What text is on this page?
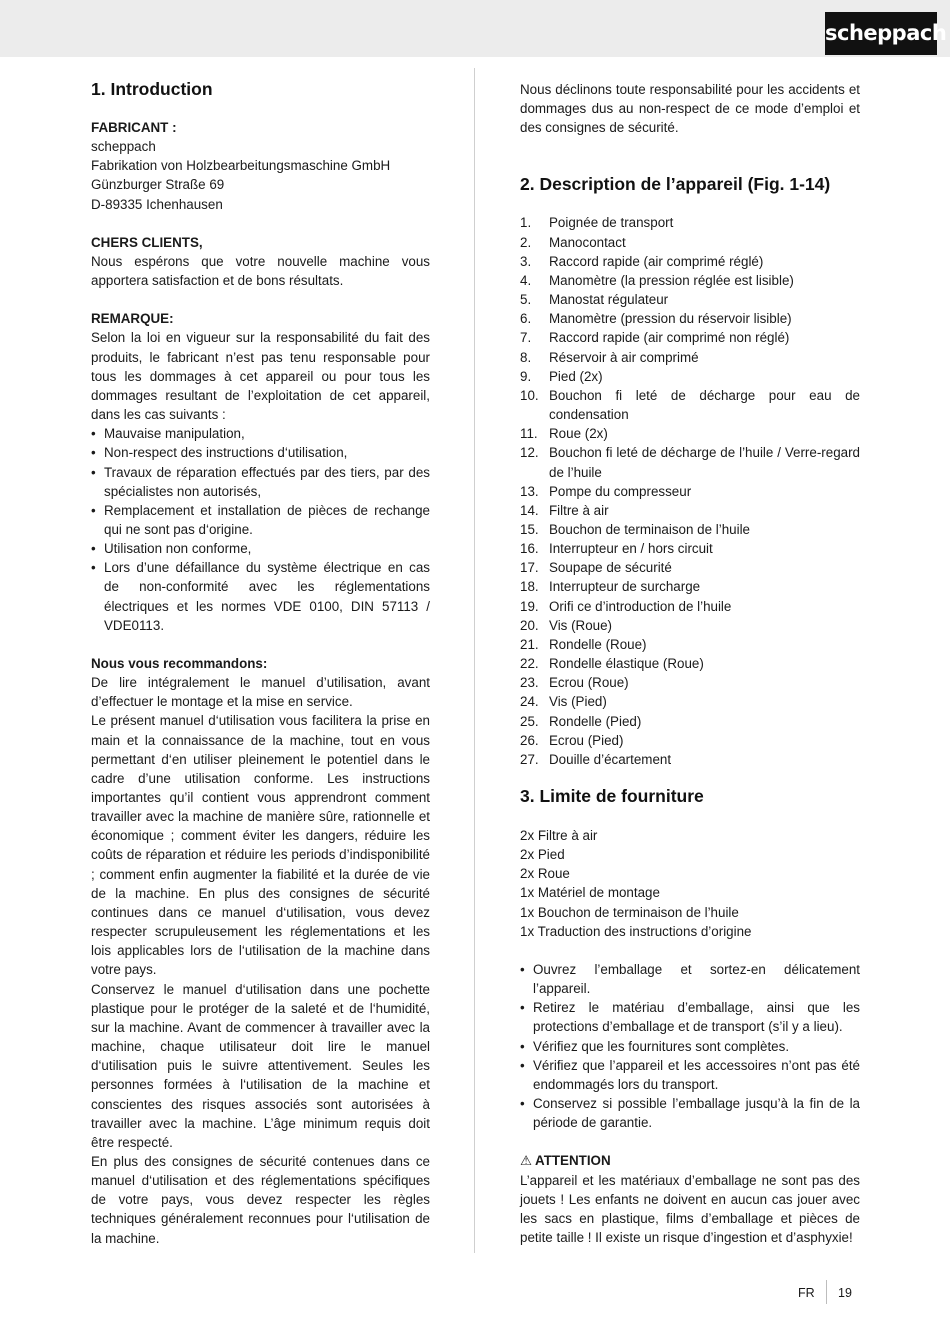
scheppach
1. Introduction

FABRICANT :

scheppach

Fabrikation von Holzbearbeitungsmaschine GmbH

Günzburger Straße 69

D-89335 Ichenhausen

CHERS CLIENTS,

Nous espérons que votre nouvelle machine vous apportera satisfaction et de bons résultats.

REMARQUE:

Selon la loi en vigueur sur la responsabilité du fait des produits, le fabricant n’est pas tenu responsable pour tous les dommages à cet appareil ou pour tous les dommages resultant de l’exploitation de cet appareil, dans les cas suivants :

• Mauvaise manipulation,
• Non-respect des instructions d‘utilisation,
• Travaux de réparation effectués par des tiers, par des spécialistes non autorisés,
• Remplacement et installation de pièces de rechange qui ne sont pas d‘origine.
• Utilisation non conforme,
• Lors d’une défaillance du système électrique en cas de non-conformité avec les réglementations électriques et les normes VDE 0100, DIN 57113 / VDE0113.

Nous vous recommandons:

De lire intégralement le manuel d’utilisation, avant d’effectuer le montage et la mise en service.

Le présent manuel d‘utilisation vous facilitera la prise en main et la connaissance de la machine, tout en vous permettant d‘en utiliser pleinement le potentiel dans le cadre d’une utilisation conforme. Les instructions importantes qu’il contient vous apprendront comment travailler avec la machine de manière sûre, rationnelle et économique ; comment éviter les dangers, réduire les coûts de réparation et réduire les periods d’indisponibilité ; comment enfin augmenter la fiabilité et la durée de vie de la machine. En plus des consignes de sécurité continues dans ce manuel d‘utilisation, vous devez respecter scrupuleusement les réglementations et les lois applicables lors de l‘utilisation de la machine dans votre pays.

Conservez le manuel d‘utilisation dans une pochette plastique pour le protéger de la saleté et de l‘humidité, sur la machine. Avant de commencer à travailler avec la machine, chaque utilisateur doit lire le manuel d‘utilisation puis le suivre attentivement. Seules les personnes formées à l‘utilisation de la machine et conscientes des risques associés sont autorisées à travailler avec la machine. L’âge minimum requis doit être respecté.

En plus des consignes de sécurité contenues dans ce manuel d‘utilisation et des réglementations spécifiques de votre pays, vous devez respecter les règles techniques généralement reconnues pour l‘utilisation de la machine.

Nous déclinons toute responsabilité pour les accidents et dommages dus au non-respect de ce mode d’emploi et des consignes de sécurité.

2. Description de l’appareil (Fig. 1-14)
1. Poignée de transport
2. Manocontact
3. Raccord rapide (air comprimé réglé)
4. Manomètre (la pression réglée est lisible)
5. Manostat régulateur
6. Manomètre (pression du réservoir lisible)
7. Raccord rapide (air comprimé non réglé)
8. Réservoir à air comprimé
9. Pied (2x)
10. Bouchon fi leté de décharge pour eau de condensation
11. Roue (2x)
12. Bouchon fi leté de décharge de l’huile / Verre-regard de l’huile
13. Pompe du compresseur
14. Filtre à air
15. Bouchon de terminaison de l’huile
16. Interrupteur en / hors circuit
17. Soupape de sécurité
18. Interrupteur de surcharge
19. Orifi ce d’introduction de l’huile
20. Vis (Roue)
21. Rondelle (Roue)
22. Rondelle élastique (Roue)
23. Ecrou (Roue)
24. Vis (Pied)
25. Rondelle (Pied)
26. Ecrou (Pied)
27. Douille d’écartement
3. Limite de fourniture

2x Filtre à air

2x Pied

2x Roue

1x Matériel de montage

1x Bouchon de terminaison de l’huile

1x Traduction des instructions d’origine

• Ouvrez l’emballage et sortez-en délicatement l’appareil.
• Retirez le matériau d’emballage, ainsi que les protections d’emballage et de transport (s’il y a lieu).
• Vérifiez que les fournitures sont complètes.
• Vérifiez que l’appareil et les accessoires n’ont pas été endommagés lors du transport.
• Conservez si possible l’emballage jusqu’à la fin de la période de garantie.

⚠ ATTENTION

L’appareil et les matériaux d’emballage ne sont pas des jouets ! Les enfants ne doivent en aucun cas jouer avec les sacs en plastique, films d’emballage et pièces de petite taille ! Il existe un risque d’ingestion et d’asphyxie!

FR 19
